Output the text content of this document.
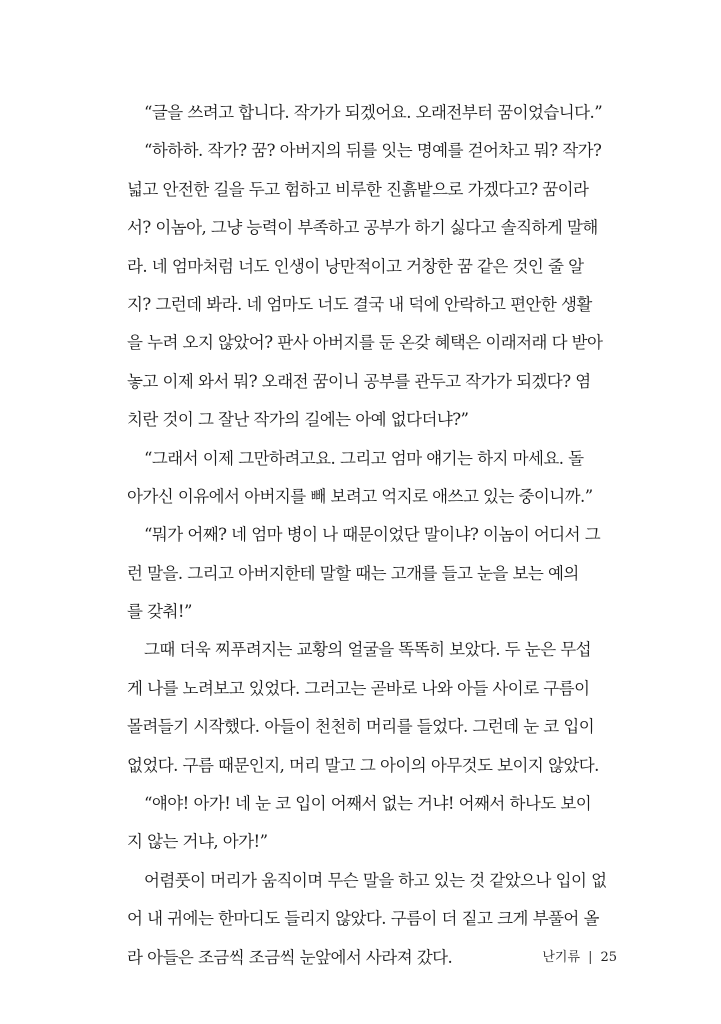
“글을 쓰려고 합니다. 작가가 되겠어요. 오래전부터 꿈이었습니다.”
“하하하. 작가? 꿈? 아버지의 뒤를 잇는 명예를 걷어차고 뭐? 작가?
넓고 안전한 길을 두고 험하고 비루한 진흙밭으로 가겠다고? 꿈이라
서? 이놈아, 그냥 능력이 부족하고 공부가 하기 싫다고 솔직하게 말해
라. 네 엄마처럼 너도 인생이 낭만적이고 거창한 꿈 같은 것인 줄 알
지? 그런데 봐라. 네 엄마도 너도 결국 내 덕에 안락하고 편안한 생활
을 누려 오지 않았어? 판사 아버지를 둔 온갖 혜택은 이래저래 다 받아
놓고 이제 와서 뭐? 오래전 꿈이니 공부를 관두고 작가가 되겠다? 염
치란 것이 그 잘난 작가의 길에는 아예 없다더냐?”
“그래서 이제 그만하려고요. 그리고 엄마 얘기는 하지 마세요. 돌
아가신 이유에서 아버지를 빼 보려고 억지로 애쓰고 있는 중이니까.”
“뭐가 어째? 네 엄마 병이 나 때문이었단 말이냐? 이놈이 어디서 그
런 말을. 그리고 아버지한테 말할 때는 고개를 들고 눈을 보는 예의
를 갖춰!”
그때 더욱 찌푸려지는 교황의 얼굴을 똑똑히 보았다. 두 눈은 무섭
게 나를 노려보고 있었다. 그러고는 곧바로 나와 아들 사이로 구름이
몰려들기 시작했다. 아들이 천천히 머리를 들었다. 그런데 눈 코 입이
없었다. 구름 때문인지, 머리 말고 그 아이의 아무것도 보이지 않았다.
“얘야! 아가! 네 눈 코 입이 어째서 없는 거냐! 어째서 하나도 보이
지 않는 거냐, 아가!”
어렴풋이 머리가 움직이며 무슨 말을 하고 있는 것 같았으나 입이 없
어 내 귀에는 한마디도 들리지 않았다. 구름이 더 짙고 크게 부풀어 올
라 아들은 조금씩 조금씩 눈앞에서 사라져 갔다.	난기류 | 25
